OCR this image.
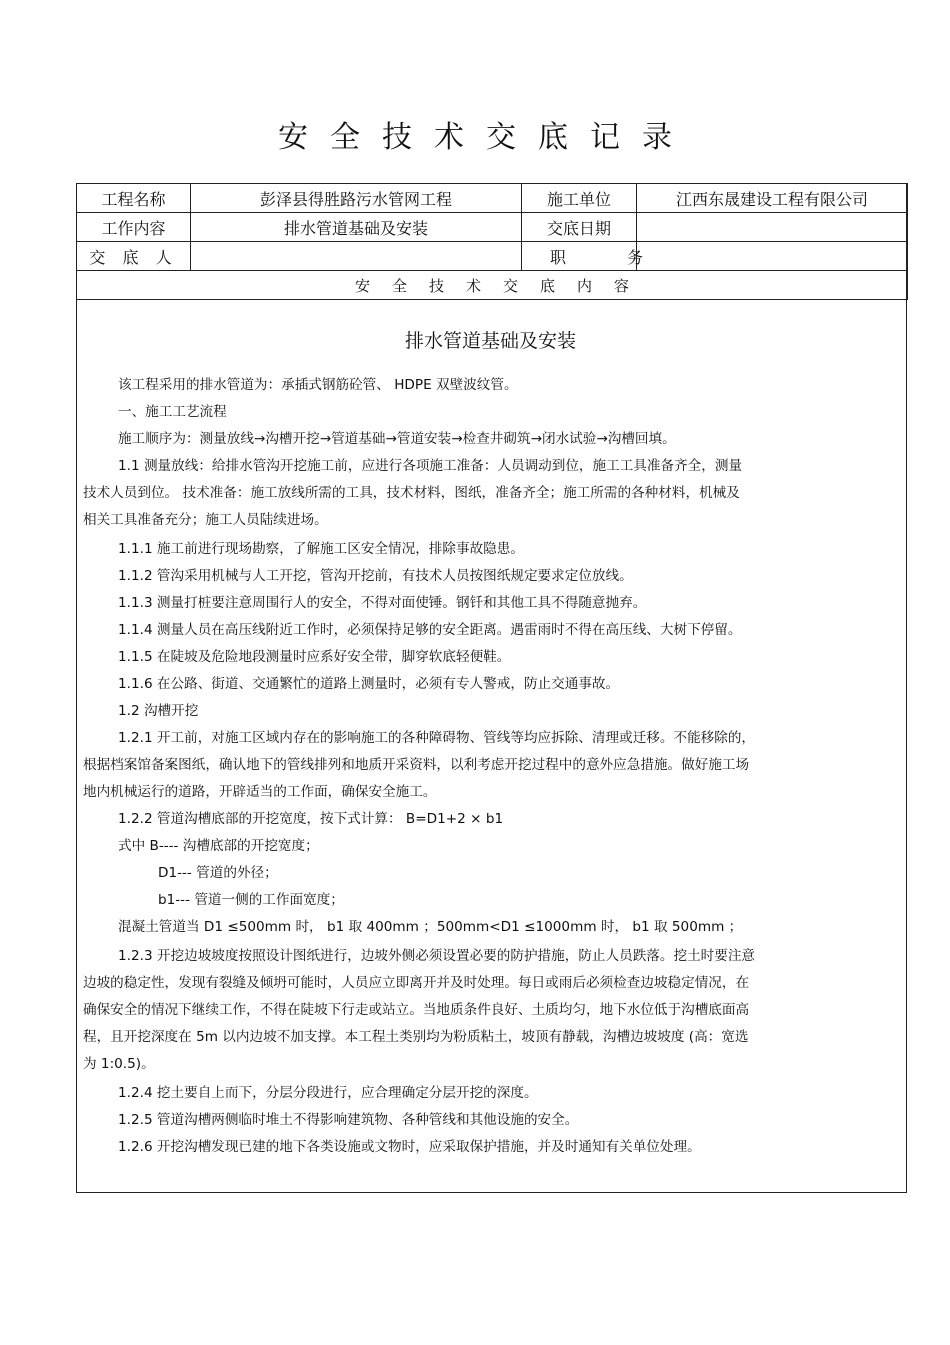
安全技术交底记录
工程名称	彭泽县得胜路污水管网工程	施工单位	江西东晟建设工程有限公司
工作内容	排水管道基础及安装	交底日期	
交 底 人		职 务	
安全技术交底内容			
排水管道基础及安装

该工程采用的排水管道为：承插式钢筋砼管、 HDPE 双壁波纹管。

一、施工工艺流程

施工顺序为：测量放线→沟槽开挖→管道基础→管道安装→检查井砌筑→闭水试验→沟槽回填。

1.1 测量放线：给排水管沟开挖施工前，应进行各项施工准备：人员调动到位，施工工具准备齐全，测量

技术人员到位。 技术准备：施工放线所需的工具，技术材料，图纸，准备齐全；施工所需的各种材料，机械及

相关工具准备充分；施工人员陆续进场。

1.1.1 施工前进行现场勘察，了解施工区安全情况，排除事故隐患。

1.1.2 管沟采用机械与人工开挖，管沟开挖前，有技术人员按图纸规定要求定位放线。

1.1.3 测量打桩要注意周围行人的安全，不得对面使锤。钢钎和其他工具不得随意抛弃。

1.1.4 测量人员在高压线附近工作时，必须保持足够的安全距离。遇雷雨时不得在高压线、大树下停留。

1.1.5 在陡坡及危险地段测量时应系好安全带，脚穿软底轻便鞋。

1.1.6 在公路、街道、交通繁忙的道路上测量时，必须有专人警戒，防止交通事故。

1.2 沟槽开挖

1.2.1 开工前，对施工区域内存在的影响施工的各种障碍物、管线等均应拆除、清理或迁移。不能移除的，

根据档案馆备案图纸，确认地下的管线排列和地质开采资料，以利考虑开挖过程中的意外应急措施。做好施工场

地内机械运行的道路，开辟适当的工作面，确保安全施工。

1.2.2 管道沟槽底部的开挖宽度，按下式计算： B=D1+2 × b1

式中 B---- 沟槽底部的开挖宽度；

D1--- 管道的外径；

b1--- 管道一侧的工作面宽度；

混凝土管道当 D1 ≤500mm 时， b1 取 400mm ；500mm<D1 ≤1000mm 时， b1 取 500mm ；

1.2.3 开挖边坡坡度按照设计图纸进行，边坡外侧必须设置必要的防护措施，防止人员跌落。挖土时要注意

边坡的稳定性，发现有裂缝及倾坍可能时，人员应立即离开并及时处理。每日或雨后必须检查边坡稳定情况，在

确保安全的情况下继续工作，不得在陡坡下行走或站立。当地质条件良好、土质均匀，地下水位低于沟槽底面高

程，且开挖深度在 5m 以内边坡不加支撑。本工程土类别均为粉质粘土，坡顶有静载，沟槽边坡坡度 (高：宽选

为 1:0.5)。

1.2.4 挖土要自上而下，分层分段进行，应合理确定分层开挖的深度。

1.2.5 管道沟槽两侧临时堆土不得影响建筑物、各种管线和其他设施的安全。

1.2.6 开挖沟槽发现已建的地下各类设施或文物时，应采取保护措施，并及时通知有关单位处理。
